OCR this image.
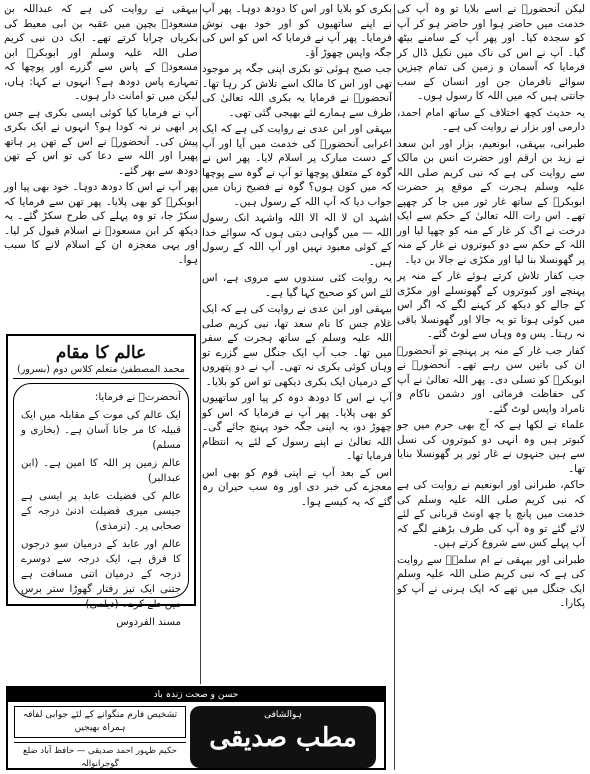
لیکن آنحضورؐ نے اسے بلایا تو وہ آپ کی خدمت میں حاضر ہوا اور حاضر ہو کر آپ کو سجدہ کیا۔ اور پھر آپ کے سامنے بیٹھ گیا۔ آپ نے اس کی ناک میں نکیل ڈال کر فرمایا کہ آسمان و زمین کی تمام چیزیں سوائے نافرمان جن اور انسان کے سب جانتی ہیں کہ میں اللہ کا رسول ہوں۔

یہ حدیث کچھ اختلاف کے ساتھ امام احمد، دارمی اور بزار نے روایت کی ہے۔

طبرانی، بیہقی، ابونعیم، بزار اور ابن سعد نے زید بن ارقم اور حضرت انس بن مالک سے روایت کی ہے کہ نبی کریم صلی اللہ علیہ وسلم ہجرت کے موقع پر حضرت ابوبکرؓ کے ساتھ غار ثور میں جا کر چھپے تھے۔ اس رات اللہ تعالیٰ کے حکم سے ایک درخت نے اگ کر غار کے منہ کو چھپا لیا اور اللہ کے حکم سے دو کبوتروں نے غار کے منہ پر گھونسلا بنا لیا اور مکڑی نے جالا بن دیا۔

جب کفار تلاش کرتے ہوئے غار کے منہ پر پہنچے اور کبوتروں کے گھونسلے اور مکڑی کے جالے کو دیکھ کر کہنے لگے کہ اگر اس میں کوئی ہوتا تو یہ جالا اور گھونسلا باقی نہ رہتا۔ پس وہ وہاں سے لوٹ گئے۔

کفار جب غار کے منہ پر پہنچے تو آنحضورؐ ان کی باتیں سن رہے تھے۔ آنحضورؐ نے ابوبکرؓ کو تسلی دی۔ پھر اللہ تعالیٰ نے آپ کی حفاظت فرمائی اور دشمن ناکام و نامراد واپس لوٹ گئے۔

علماء نے لکھا ہے کہ آج بھی حرم میں جو کبوتر ہیں وہ انہی دو کبوتروں کی نسل سے ہیں جنہوں نے غار ثور پر گھونسلا بنایا تھا۔

حاکم، طبرانی اور ابونعیم نے روایت کی ہے کہ نبی کریم صلی اللہ علیہ وسلم کی خدمت میں پانچ یا چھ اونٹ قربانی کے لئے لائے گئے تو وہ آپ کی طرف بڑھنے لگے کہ آپ پہلے کس سے شروع کرتے ہیں۔

طبرانی اور بیہقی نے ام سلمہؓ سے روایت کی ہے کہ نبی کریم صلی اللہ علیہ وسلم ایک جنگل میں تھے کہ ایک ہرنی نے آپ کو پکارا۔

بکری کو بلایا اور اس کا دودھ دوہا۔ پھر آپ نے اپنے ساتھیوں کو اور خود بھی نوش فرمایا۔ پھر آپ نے فرمایا کہ اس کو اس کی جگہ واپس چھوڑ آؤ۔

جب صبح ہوئی تو بکری اپنی جگہ پر موجود تھی اور اس کا مالک اسے تلاش کر رہا تھا۔ آنحضورؐ نے فرمایا یہ بکری اللہ تعالیٰ کی طرف سے ہمارے لئے بھیجی گئی تھی۔

بیہقی اور ابن عدی نے روایت کی ہے کہ ایک اعرابی آنحضورؐ کی خدمت میں آیا اور آپ کے دست مبارک پر اسلام لایا۔ پھر اس نے گوہ کے متعلق پوچھا تو آپ نے گوہ سے پوچھا کہ میں کون ہوں؟ گوہ نے فصیح زبان میں جواب دیا کہ آپ اللہ کے رسول ہیں۔

اشہد ان لا الہ الا اللہ واشہد انک رسول اللہ — میں گواہی دیتی ہوں کہ سوائے خدا کے کوئی معبود نہیں اور آپ اللہ کے رسول ہیں۔

یہ روایت کئی سندوں سے مروی ہے، اس لئے اس کو صحیح کہا گیا ہے۔

بیہقی اور ابن عدی نے روایت کی ہے کہ ایک غلام جس کا نام سعد تھا، نبی کریم صلی اللہ علیہ وسلم کے ساتھ ہجرت کے سفر میں تھا۔ جب آپ ایک جنگل سے گزرے تو وہاں کوئی بکری نہ تھی۔ آپ نے دو پتھروں کے درمیان ایک بکری دیکھی تو اس کو بلایا۔

آپ نے اس کا دودھ دوہ کر پیا اور ساتھیوں کو بھی پلایا۔ پھر آپ نے فرمایا کہ اس کو چھوڑ دو، یہ اپنی جگہ خود پہنچ جائے گی۔ اللہ تعالیٰ نے اپنے رسول کے لئے یہ انتظام فرمایا تھا۔

اس کے بعد آپ نے اپنی قوم کو بھی اس معجزے کی خبر دی اور وہ سب حیران رہ گئے کہ یہ کیسے ہوا۔

بیہقی نے روایت کی ہے کہ عبداللہ بن مسعودؓ بچپن میں عقبہ بن ابی معیط کی بکریاں چرایا کرتے تھے۔ ایک دن نبی کریم صلی اللہ علیہ وسلم اور ابوبکرؓ ابن مسعودؓ کے پاس سے گزرے اور پوچھا کہ تمہارے پاس دودھ ہے؟ انہوں نے کہا: ہاں، لیکن میں تو امانت دار ہوں۔

آپ نے فرمایا کیا کوئی ایسی بکری ہے جس پر ابھی نر نہ کودا ہو؟ انہوں نے ایک بکری پیش کی۔ آنحضورؐ نے اس کے تھن پر ہاتھ پھیرا اور اللہ سے دعا کی تو اس کے تھن دودھ سے بھر گئے۔

پھر آپ نے اس کا دودھ دوہا۔ خود بھی پیا اور ابوبکرؓ کو بھی پلایا۔ پھر تھن سے فرمایا کہ سکڑ جا، تو وہ پہلے کی طرح سکڑ گئے۔ یہ دیکھ کر ابن مسعودؓ نے اسلام قبول کر لیا۔ اور یہی معجزہ ان کے اسلام لانے کا سبب ہوا۔

عالم کا مقام
محمد المصطفیٰ متعلم کلاس دوم (بسرور)

آنحضرتؐ نے فرمایا:

ایک عالم کی موت کے مقابلہ میں ایک قبیلہ کا مر جانا آسان ہے۔ (بخاری و مسلم)

عالم زمین پر اللہ کا امین ہے۔ (ابن عبدالبر)

عالم کی فضیلت عابد پر ایسی ہے جیسی میری فضیلت ادنیٰ درجہ کے صحابی پر۔ (ترمذی)

عالم اور عابد کے درمیان سو درجوں کا فرق ہے، ایک درجہ سے دوسرے درجہ کے درمیان اتنی مسافت ہے جتنی ایک تیز رفتار گھوڑا ستر برس میں طے کرے۔ (دیلمی)

مسند الفردوس

حسن و صحت زندہ باد
ہوالشافی
مطب صدیقی
تشخیص فارم منگوانے کے لئے جوابی لفافہ ہمراہ بھیجیں
حکیم ظہور احمد صدیقی — حافظ آباد ضلع گوجرانوالہ
